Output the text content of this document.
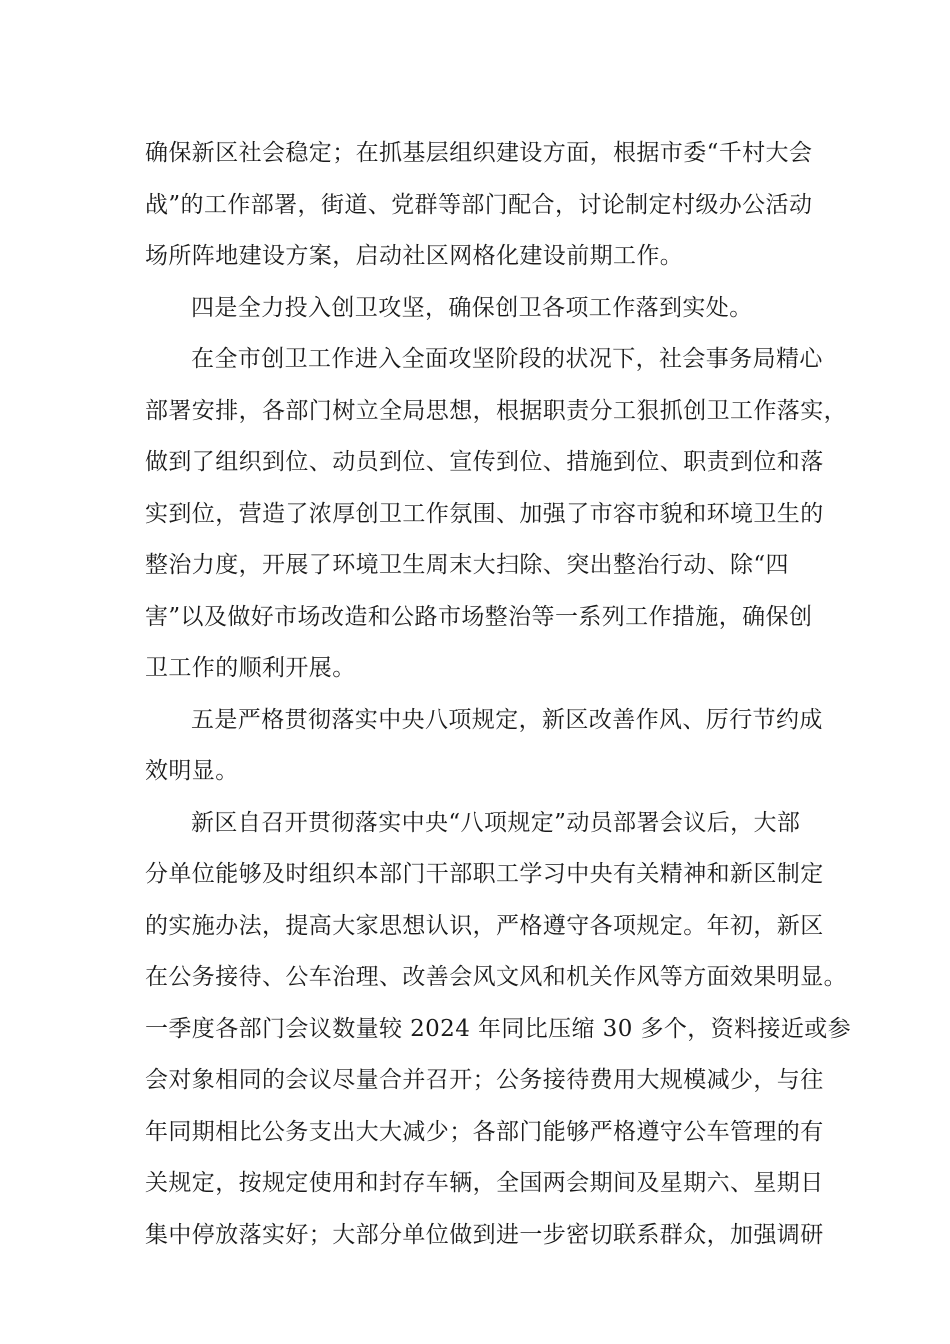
确保新区社会稳定；在抓基层组织建设方面，根据市委“千村大会
战”的工作部署，街道、党群等部门配合，讨论制定村级办公活动
场所阵地建设方案，启动社区网格化建设前期工作。
四是全力投入创卫攻坚，确保创卫各项工作落到实处。
在全市创卫工作进入全面攻坚阶段的状况下，社会事务局精心
部署安排，各部门树立全局思想，根据职责分工狠抓创卫工作落实，
做到了组织到位、动员到位、宣传到位、措施到位、职责到位和落
实到位，营造了浓厚创卫工作氛围、加强了市容市貌和环境卫生的
整治力度，开展了环境卫生周末大扫除、突出整治行动、除“四
害”以及做好市场改造和公路市场整治等一系列工作措施，确保创
卫工作的顺利开展。
五是严格贯彻落实中央八项规定，新区改善作风、厉行节约成
效明显。
新区自召开贯彻落实中央“八项规定”动员部署会议后，大部
分单位能够及时组织本部门干部职工学习中央有关精神和新区制定
的实施办法，提高大家思想认识，严格遵守各项规定。年初，新区
在公务接待、公车治理、改善会风文风和机关作风等方面效果明显。
一季度各部门会议数量较 2024 年同比压缩 30 多个，资料接近或参
会对象相同的会议尽量合并召开；公务接待费用大规模减少，与往
年同期相比公务支出大大减少；各部门能够严格遵守公车管理的有
关规定，按规定使用和封存车辆，全国两会期间及星期六、星期日
集中停放落实好；大部分单位做到进一步密切联系群众，加强调研
